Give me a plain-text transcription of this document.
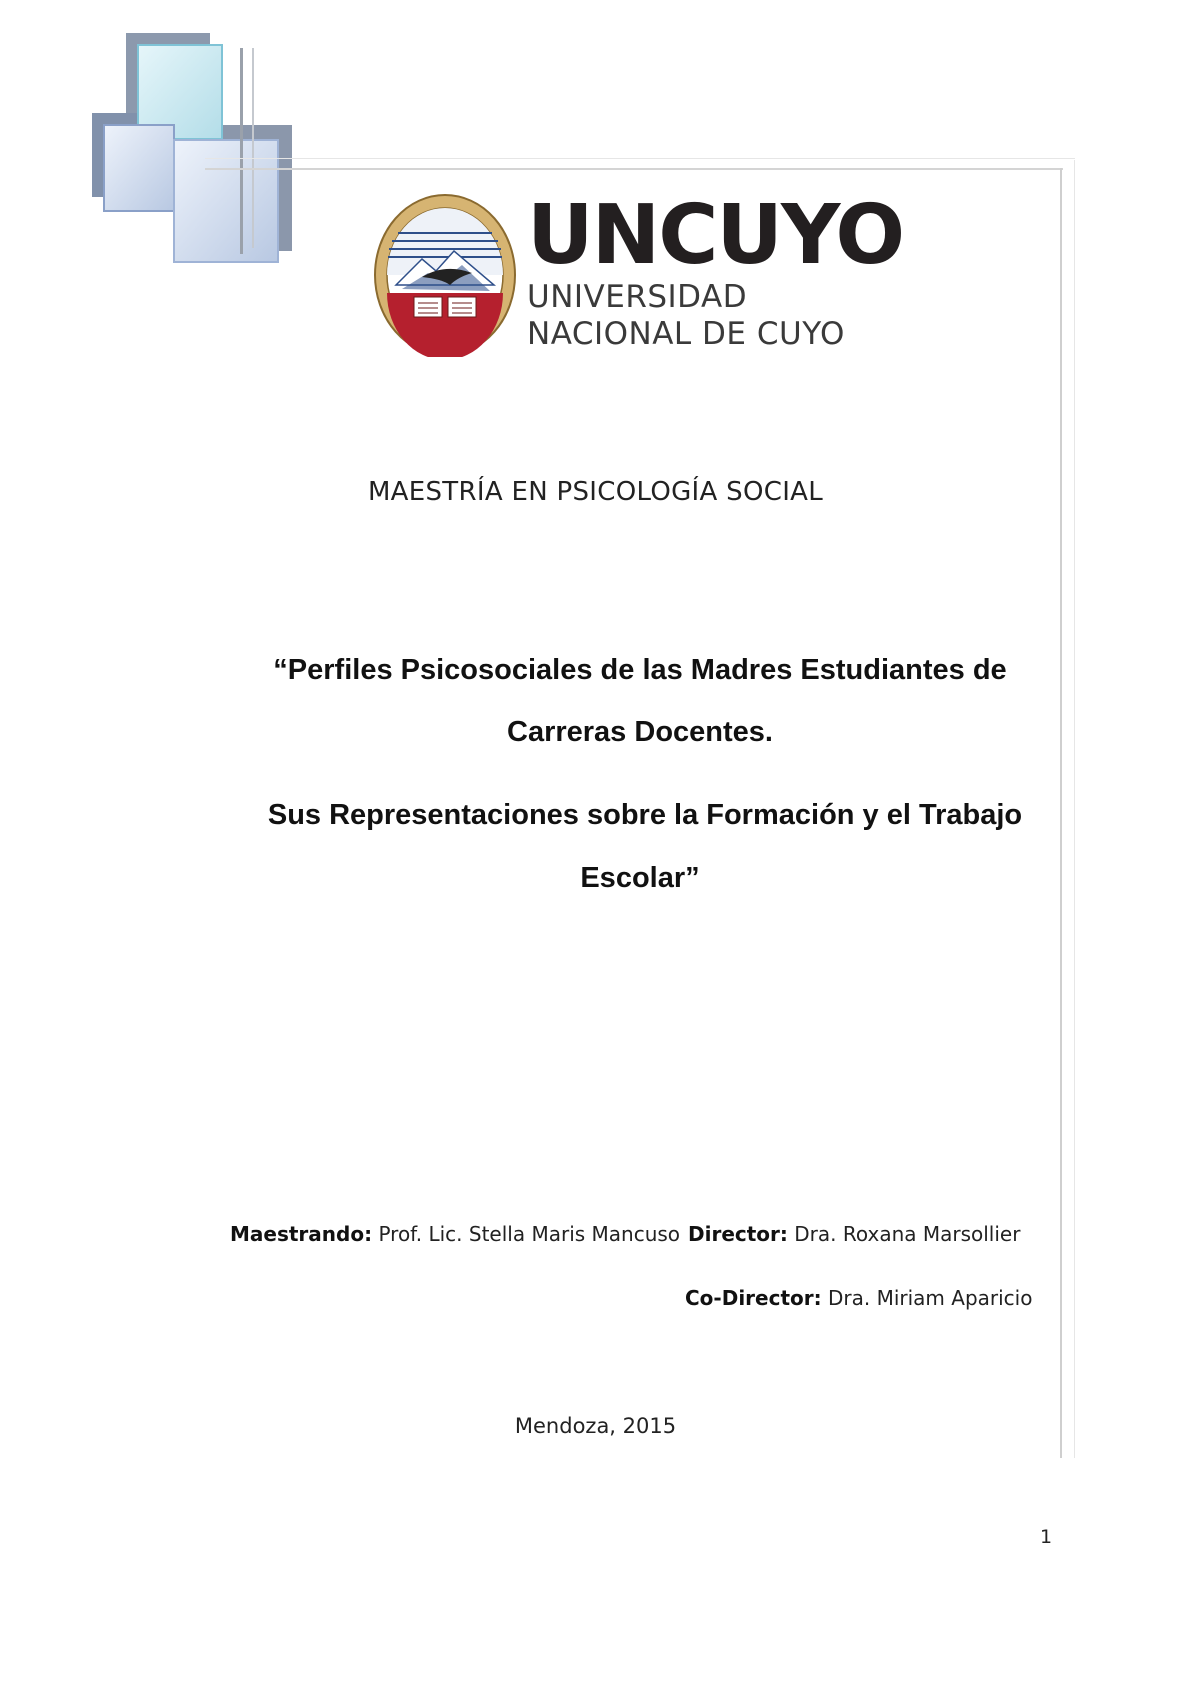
UNCUYO
UNIVERSIDAD
NACIONAL DE CUYO
MAESTRÍA EN PSICOLOGÍA SOCIAL
“Perfiles Psicosociales de las Madres Estudiantes de
Carreras Docentes.
Sus Representaciones sobre la Formación y el Trabajo
Escolar”
Maestrando: Prof. Lic. Stella Maris Mancuso Director: Dra. Roxana Marsollier
Co-Director: Dra. Miriam Aparicio
Mendoza, 2015
1
